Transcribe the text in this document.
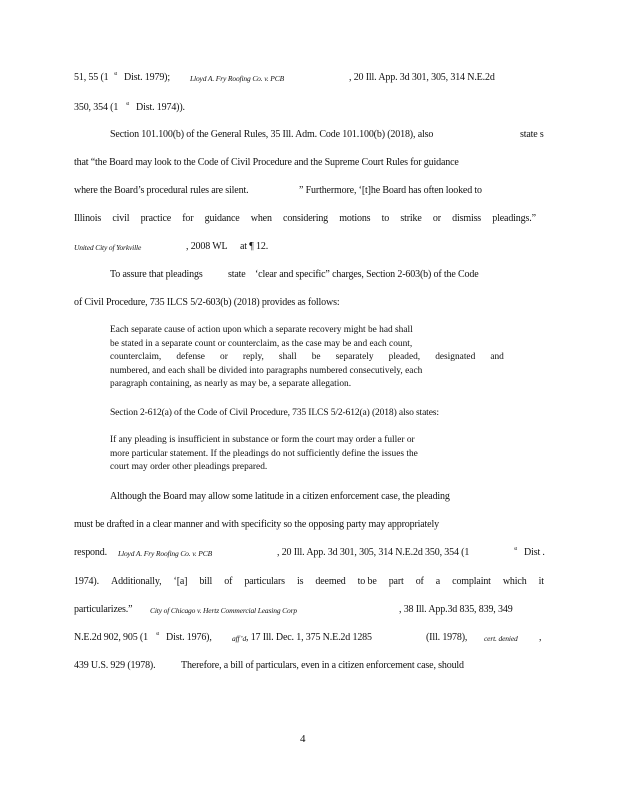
51, 55 (1 st Dist. 1979);	Lloyd A. Fry Roofing Co. v. PCB	, 20 Ill. App. 3d 301, 305, 314 N.E.2d
350, 354 (1 st Dist. 1974)).
Section 101.100(b) of the General Rules, 35 Ill. Adm. Code 101.100(b) (2018), also	state s
that “the Board may look to the Code of Civil Procedure and the Supreme Court Rules for guidance
where the Board’s procedural rules are silent.	” Furthermore, ‘[t]he Board has often looked to
Illinois civil practice for guidance when considering motions to strike or dismiss pleadings.”
United City of Yorkville	, 2008 WL at ¶ 12.
To assure that pleadings	state ‘clear and specific” charges, Section 2-603(b) of the Code
of Civil Procedure, 735 ILCS 5/2-603(b) (2018) provides as follows:
Each separate cause of action upon which a separate recovery might be had shall
be stated in a separate count or counterclaim, as the case may be and each count,
counterclaim, defense or reply, shall be separately pleaded, designated and
numbered, and each shall be divided into paragraphs numbered consecutively, each
paragraph containing, as nearly as may be, a separate allegation.
Section 2-612(a) of the Code of Civil Procedure, 735 ILCS 5/2-612(a) (2018) also states:
If any pleading is insufficient in substance or form the court may order a fuller or
more particular statement. If the pleadings do not sufficiently define the issues the
court may order other pleadings prepared.
Although the Board may allow some latitude in a citizen enforcement case, the pleading
must be drafted in a clear manner and with specificity so the opposing party may appropriately
respond. Lloyd A. Fry Roofing Co. v. PCB	, 20 Ill. App. 3d 301, 305, 314 N.E.2d 350, 354 (1	st Dist .
1974). Additionally, ‘[a] bill of particulars is deemed to be part of a complaint which it
particularizes.” City of Chicago v. Hertz Commercial Leasing Corp	, 38 Ill. App.3d 835, 839, 349
N.E.2d 902, 905 (1 st Dist. 1976),	aff’d , 17 Ill. Dec. 1, 375 N.E.2d 1285	(Ill. 1978), cert. denied ,
439 U.S. 929 (1978).	Therefore, a bill of particulars, even in a citizen enforcement case, should
4
